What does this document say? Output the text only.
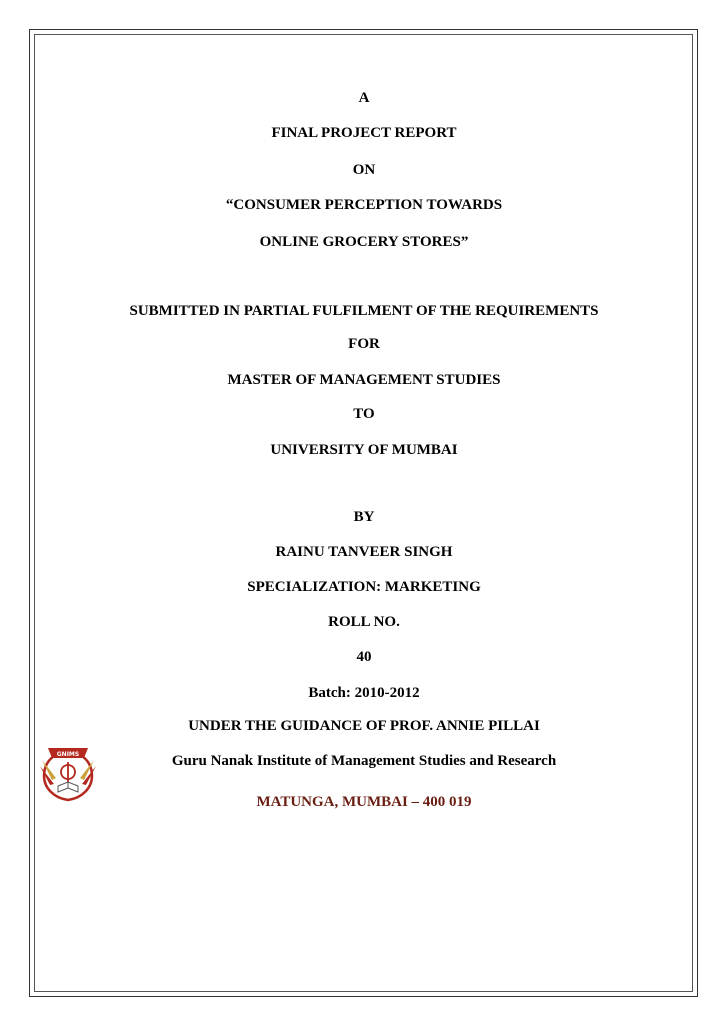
A
FINAL PROJECT REPORT
ON
“CONSUMER PERCEPTION TOWARDS
ONLINE GROCERY STORES”
SUBMITTED IN PARTIAL FULFILMENT OF THE REQUIREMENTS
FOR
MASTER OF MANAGEMENT STUDIES
TO
UNIVERSITY OF MUMBAI
BY
RAINU TANVEER SINGH
SPECIALIZATION: MARKETING
ROLL NO.
40
Batch: 2010-2012
UNDER THE GUIDANCE OF PROF. ANNIE PILLAI
GNIMS	Guru Nanak Institute of Management Studies and Research
MATUNGA, MUMBAI – 400 019
